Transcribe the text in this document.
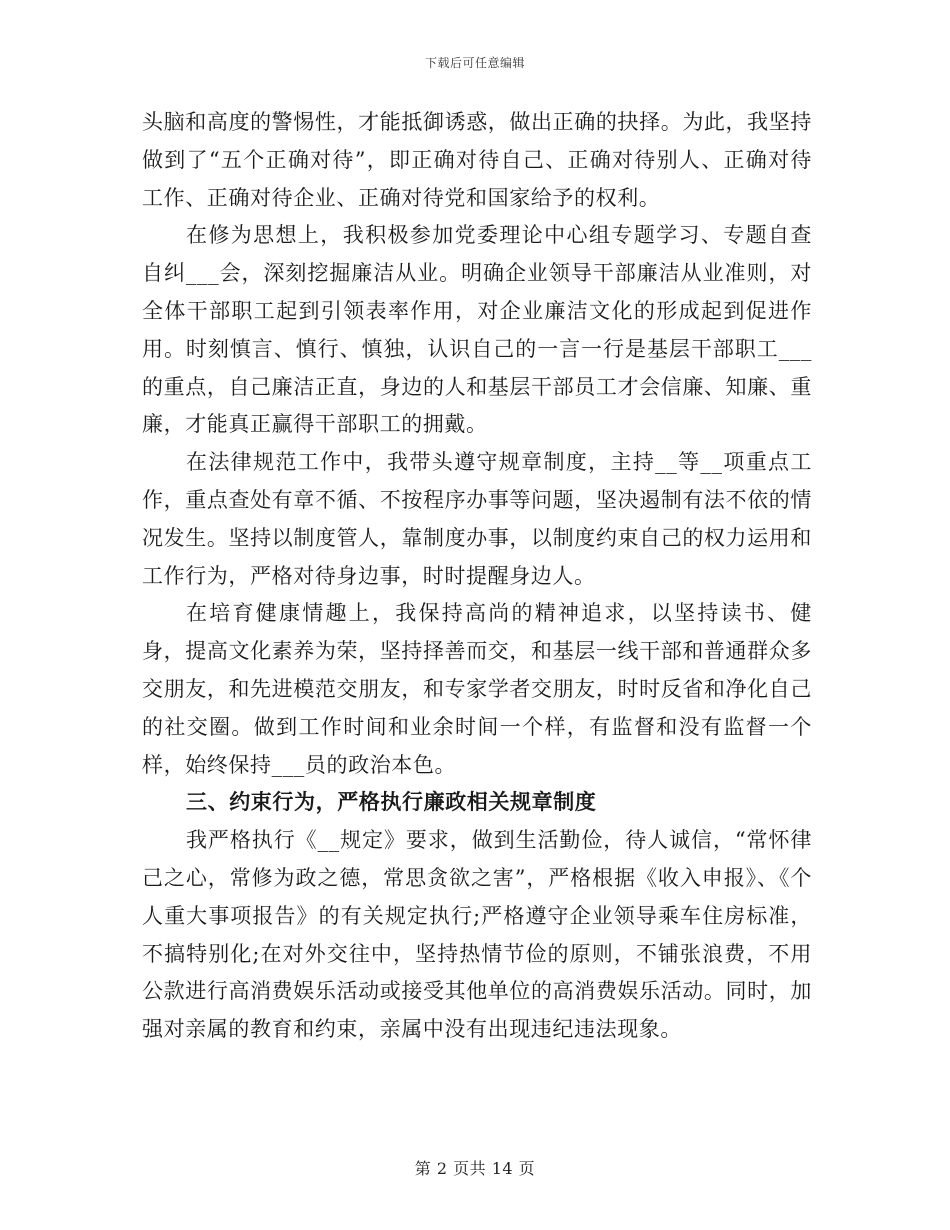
下载后可任意编辑

头脑和高度的警惕性，才能抵御诱惑，做出正确的抉择。为此，我坚持做到了“五个正确对待”，即正确对待自己、正确对待别人、正确对待工作、正确对待企业、正确对待党和国家给予的权利。

在修为思想上，我积极参加党委理论中心组专题学习、专题自查自纠___会，深刻挖掘廉洁从业。明确企业领导干部廉洁从业准则，对全体干部职工起到引领表率作用，对企业廉洁文化的形成起到促进作用。时刻慎言、慎行、慎独，认识自己的一言一行是基层干部职工___的重点，自己廉洁正直，身边的人和基层干部员工才会信廉、知廉、重廉，才能真正赢得干部职工的拥戴。

在法律规范工作中，我带头遵守规章制度，主持__等__项重点工作，重点查处有章不循、不按程序办事等问题，坚决遏制有法不依的情况发生。坚持以制度管人，靠制度办事，以制度约束自己的权力运用和工作行为，严格对待身边事，时时提醒身边人。

在培育健康情趣上，我保持高尚的精神追求，以坚持读书、健身，提高文化素养为荣，坚持择善而交，和基层一线干部和普通群众多交朋友，和先进模范交朋友，和专家学者交朋友，时时反省和净化自己的社交圈。做到工作时间和业余时间一个样，有监督和没有监督一个样，始终保持___员的政治本色。

三、约束行为，严格执行廉政相关规章制度

我严格执行《__规定》要求，做到生活勤俭，待人诚信，“常怀律己之心，常修为政之德，常思贪欲之害”，严格根据《收入申报》、《个人重大事项报告》的有关规定执行;严格遵守企业领导乘车住房标准，不搞特别化;在对外交往中，坚持热情节俭的原则，不铺张浪费，不用公款进行高消费娱乐活动或接受其他单位的高消费娱乐活动。同时，加强对亲属的教育和约束，亲属中没有出现违纪违法现象。

第 2 页共 14 页
